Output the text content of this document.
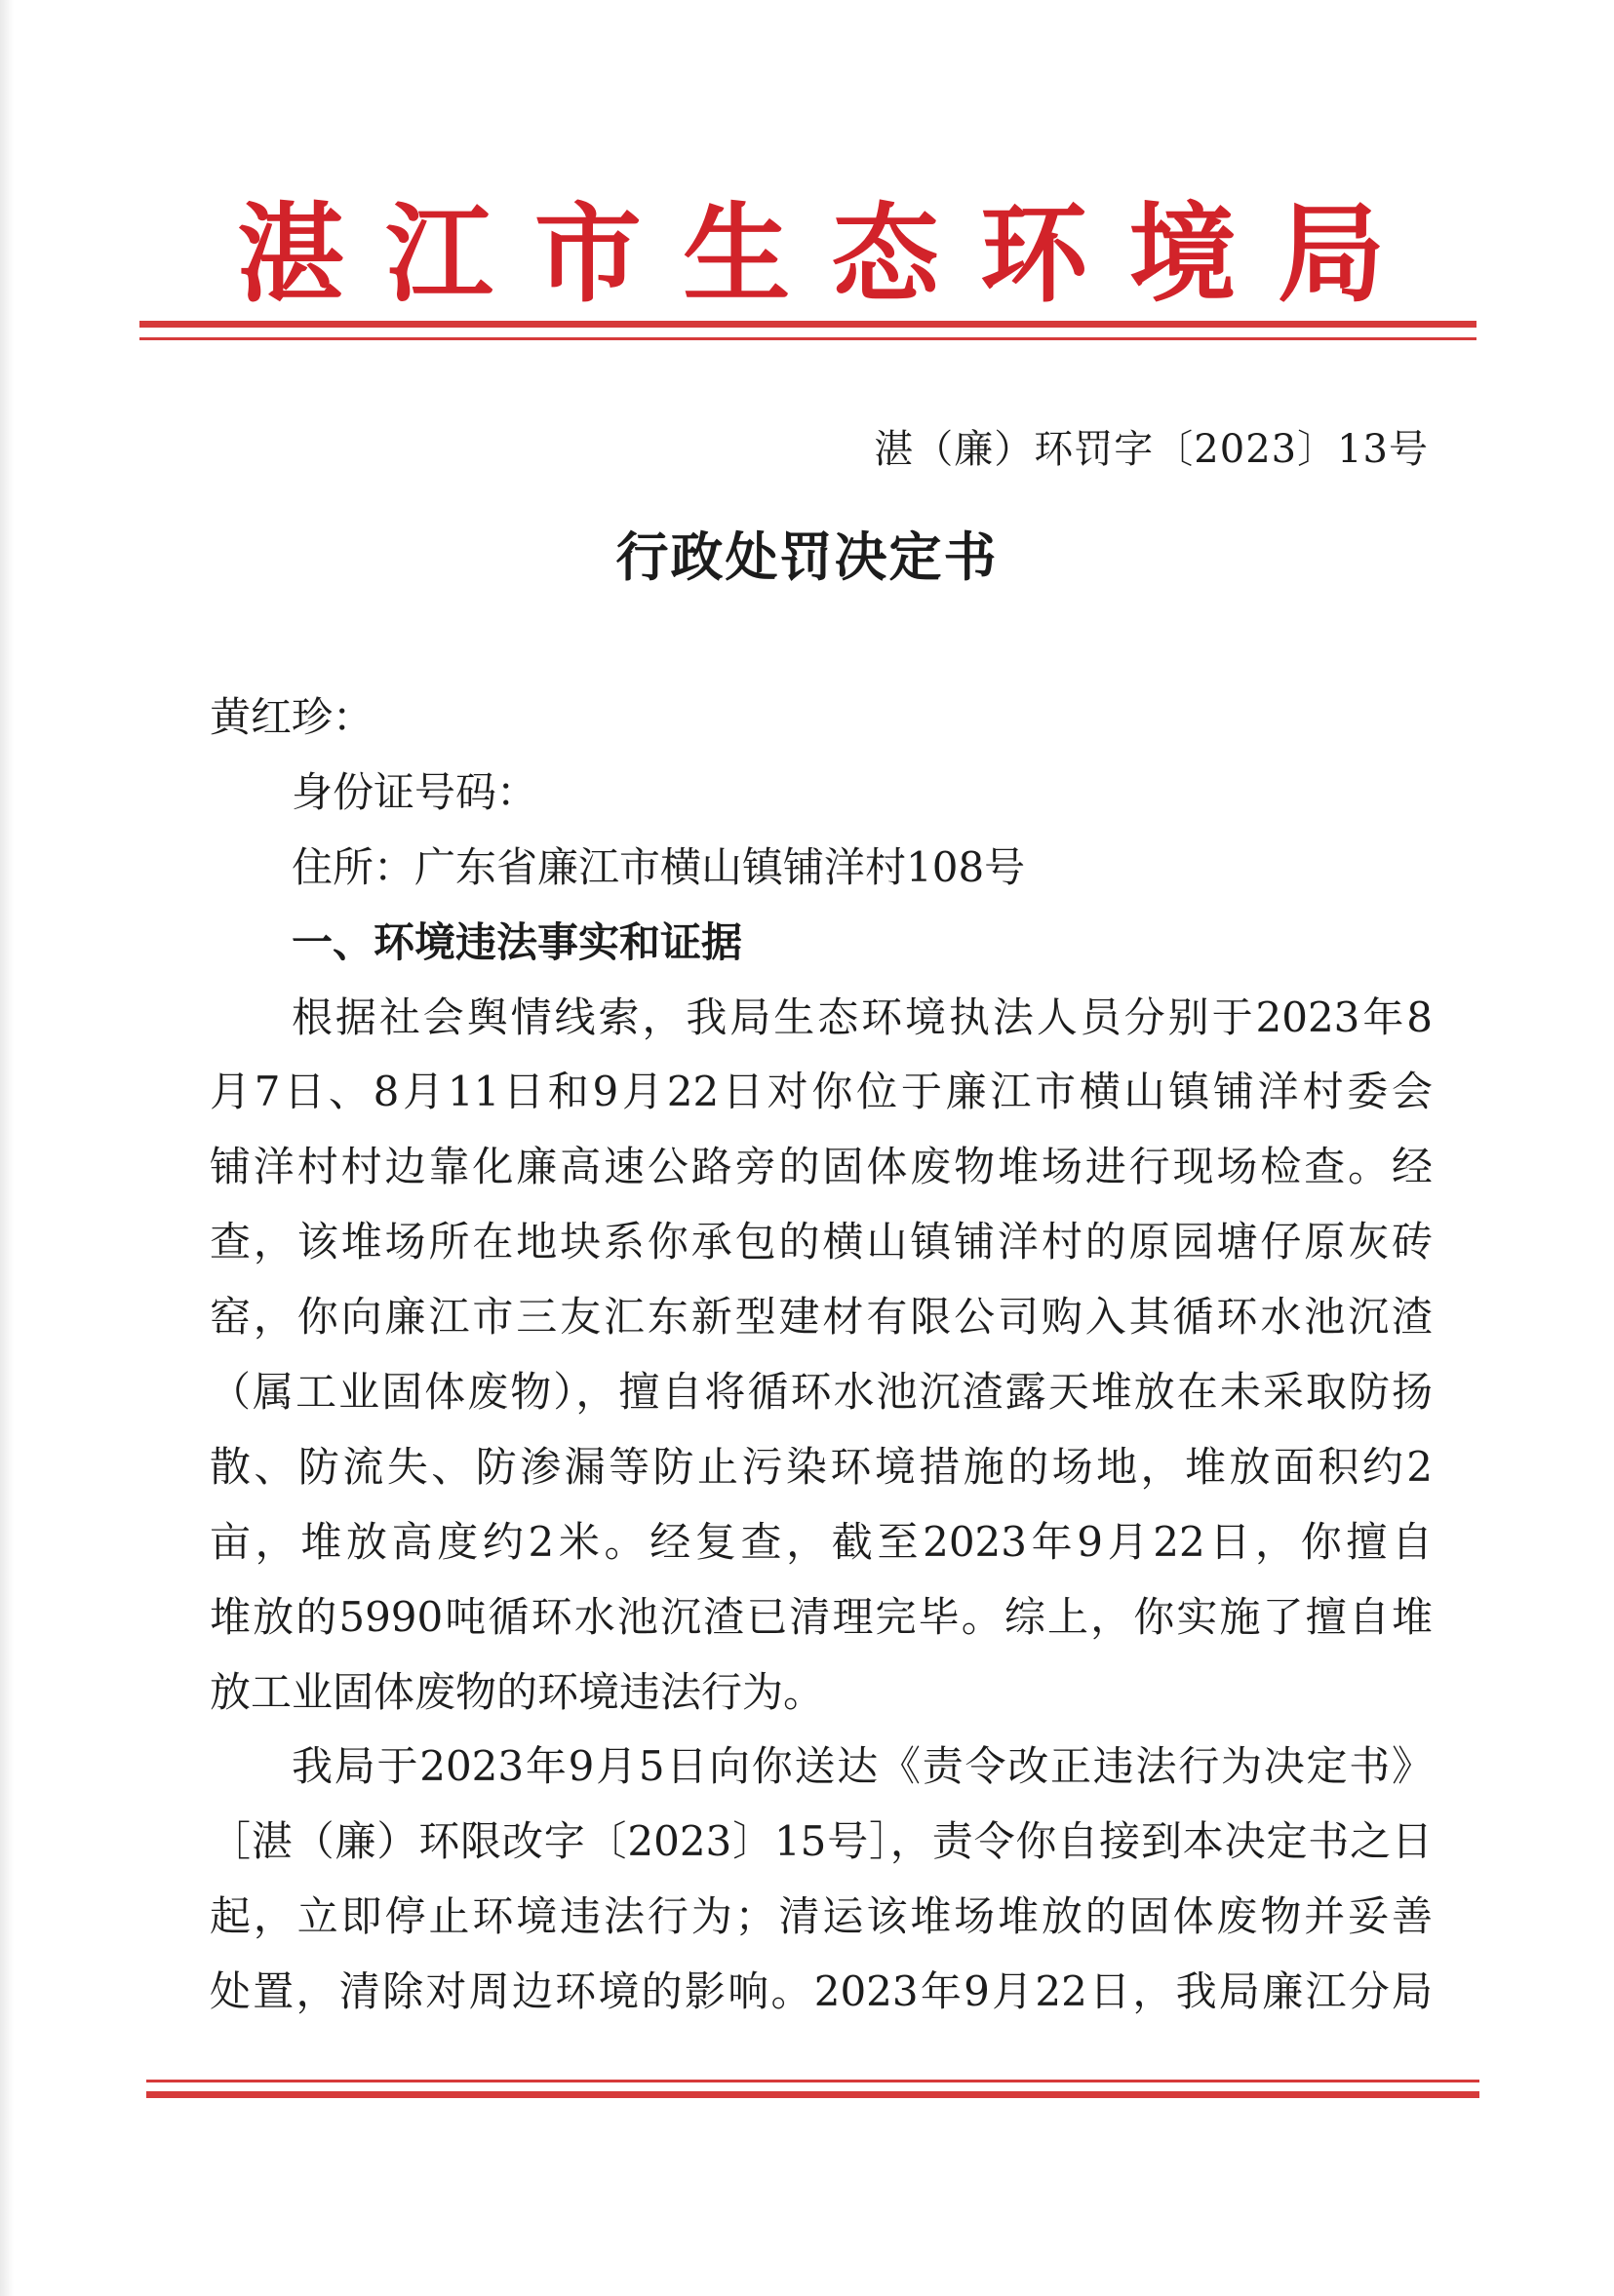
湛江市生态环境局
湛（廉）环罚字〔2023〕13号
行政处罚决定书
黄红珍：
身份证号码：
住所：广东省廉江市横山镇铺洋村108号
一、环境违法事实和证据
根据社会舆情线索，我局生态环境执法人员分别于2023年8
月7日、8月11日和9月22日对你位于廉江市横山镇铺洋村委会
铺洋村村边靠化廉高速公路旁的固体废物堆场进行现场检查。经
查，该堆场所在地块系你承包的横山镇铺洋村的原园塘仔原灰砖
窑，你向廉江市三友汇东新型建材有限公司购入其循环水池沉渣
（属工业固体废物），擅自将循环水池沉渣露天堆放在未采取防扬
散、防流失、防渗漏等防止污染环境措施的场地，堆放面积约2
亩，堆放高度约2米。经复查，截至2023年9月22日，你擅自
堆放的5990吨循环水池沉渣已清理完毕。综上，你实施了擅自堆
放工业固体废物的环境违法行为。
我局于2023年9月5日向你送达《责令改正违法行为决定书》
［湛（廉）环限改字〔2023〕15号］，责令你自接到本决定书之日
起，立即停止环境违法行为；清运该堆场堆放的固体废物并妥善
处置，清除对周边环境的影响。2023年9月22日，我局廉江分局
